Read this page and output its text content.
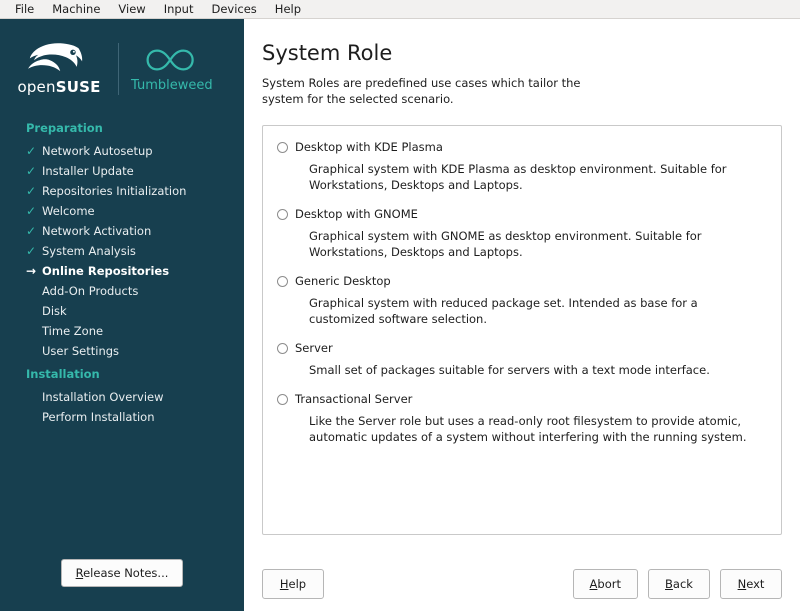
File	Machine	View	Input	Devices	Help
openSUSE Tumbleweed
Preparation
✓ Network Autosetup
✓ Installer Update
✓ Repositories Initialization
✓ Welcome
✓ Network Activation
✓ System Analysis
→ Online Repositories
Add-On Products
Disk
Time Zone
User Settings
Installation
Installation Overview
Perform Installation
Release Notes...
System Role
System Roles are predefined use cases which tailor the system for the selected scenario.
Desktop with KDE Plasma
Graphical system with KDE Plasma as desktop environment. Suitable for Workstations, Desktops and Laptops.
Desktop with GNOME
Graphical system with GNOME as desktop environment. Suitable for Workstations, Desktops and Laptops.
Generic Desktop
Graphical system with reduced package set. Intended as base for a customized software selection.
Server
Small set of packages suitable for servers with a text mode interface.
Transactional Server
Like the Server role but uses a read-only root filesystem to provide atomic, automatic updates of a system without interfering with the running system.
Help	Abort	Back	Next
